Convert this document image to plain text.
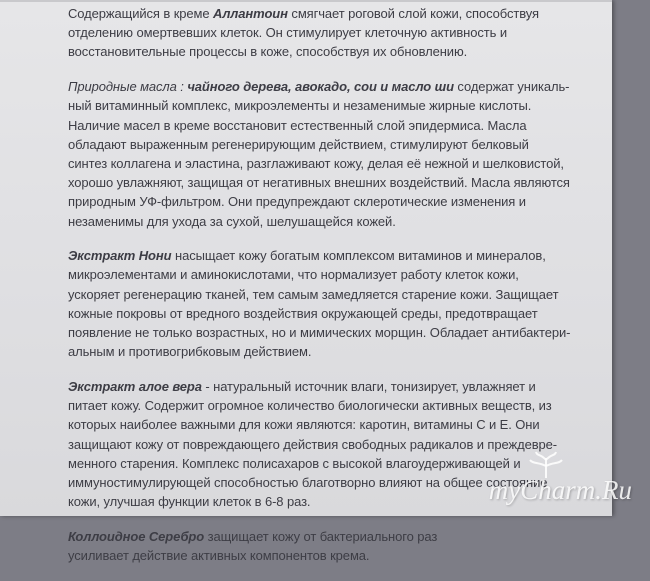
Содержащийся в креме Аллантоин смягчает роговой слой кожи, способствуя
отделению омертвевших клеток. Он стимулирует клеточную активность и
восстановительные процессы в коже, способствуя их обновлению.
Природные масла : чайного дерева, авокадо, сои и масло ши содержат уникаль-
ный витаминный комплекс, микроэлементы и незаменимые жирные кислоты.
Наличие масел в креме восстановит естественный слой эпидермиса. Масла
обладают выраженным регенерирующим действием, стимулируют белковый
синтез коллагена и эластина, разглаживают кожу, делая её нежной и шелковистой,
хорошо увлажняют, защищая от негативных внешних воздействий. Масла являются
природным УФ-фильтром. Они предупреждают склеротические изменения и
незаменимы для ухода за сухой, шелушащейся кожей.
Экстракт Нони насыщает кожу богатым комплексом витаминов и минералов,
микроэлементами и аминокислотами, что нормализует работу клеток кожи,
ускоряет регенерацию тканей, тем самым замедляется старение кожи. Защищает
кожные покровы от вредного воздействия окружающей среды, предотвращает
появление не только возрастных, но и мимических морщин. Обладает антибактери-
альным и противогрибковым действием.
Экстракт алое вера - натуральный источник влаги, тонизирует, увлажняет и
питает кожу. Содержит огромное количество биологически активных веществ, из
которых наиболее важными для кожи являются: каротин, витамины С и Е. Они
защищают кожу от повреждающего действия свободных радикалов и преждевре-
менного старения. Комплекс полисахаров с высокой влагоудерживающей и
иммуностимулирующей способностью благотворно влияют на общее состояние
кожи, улучшая функции клеток в 6-8 раз.
Коллоидное Серебро защищает кожу от бактериального раз
усиливает действие активных компонентов крема.
myCharm.Ru
